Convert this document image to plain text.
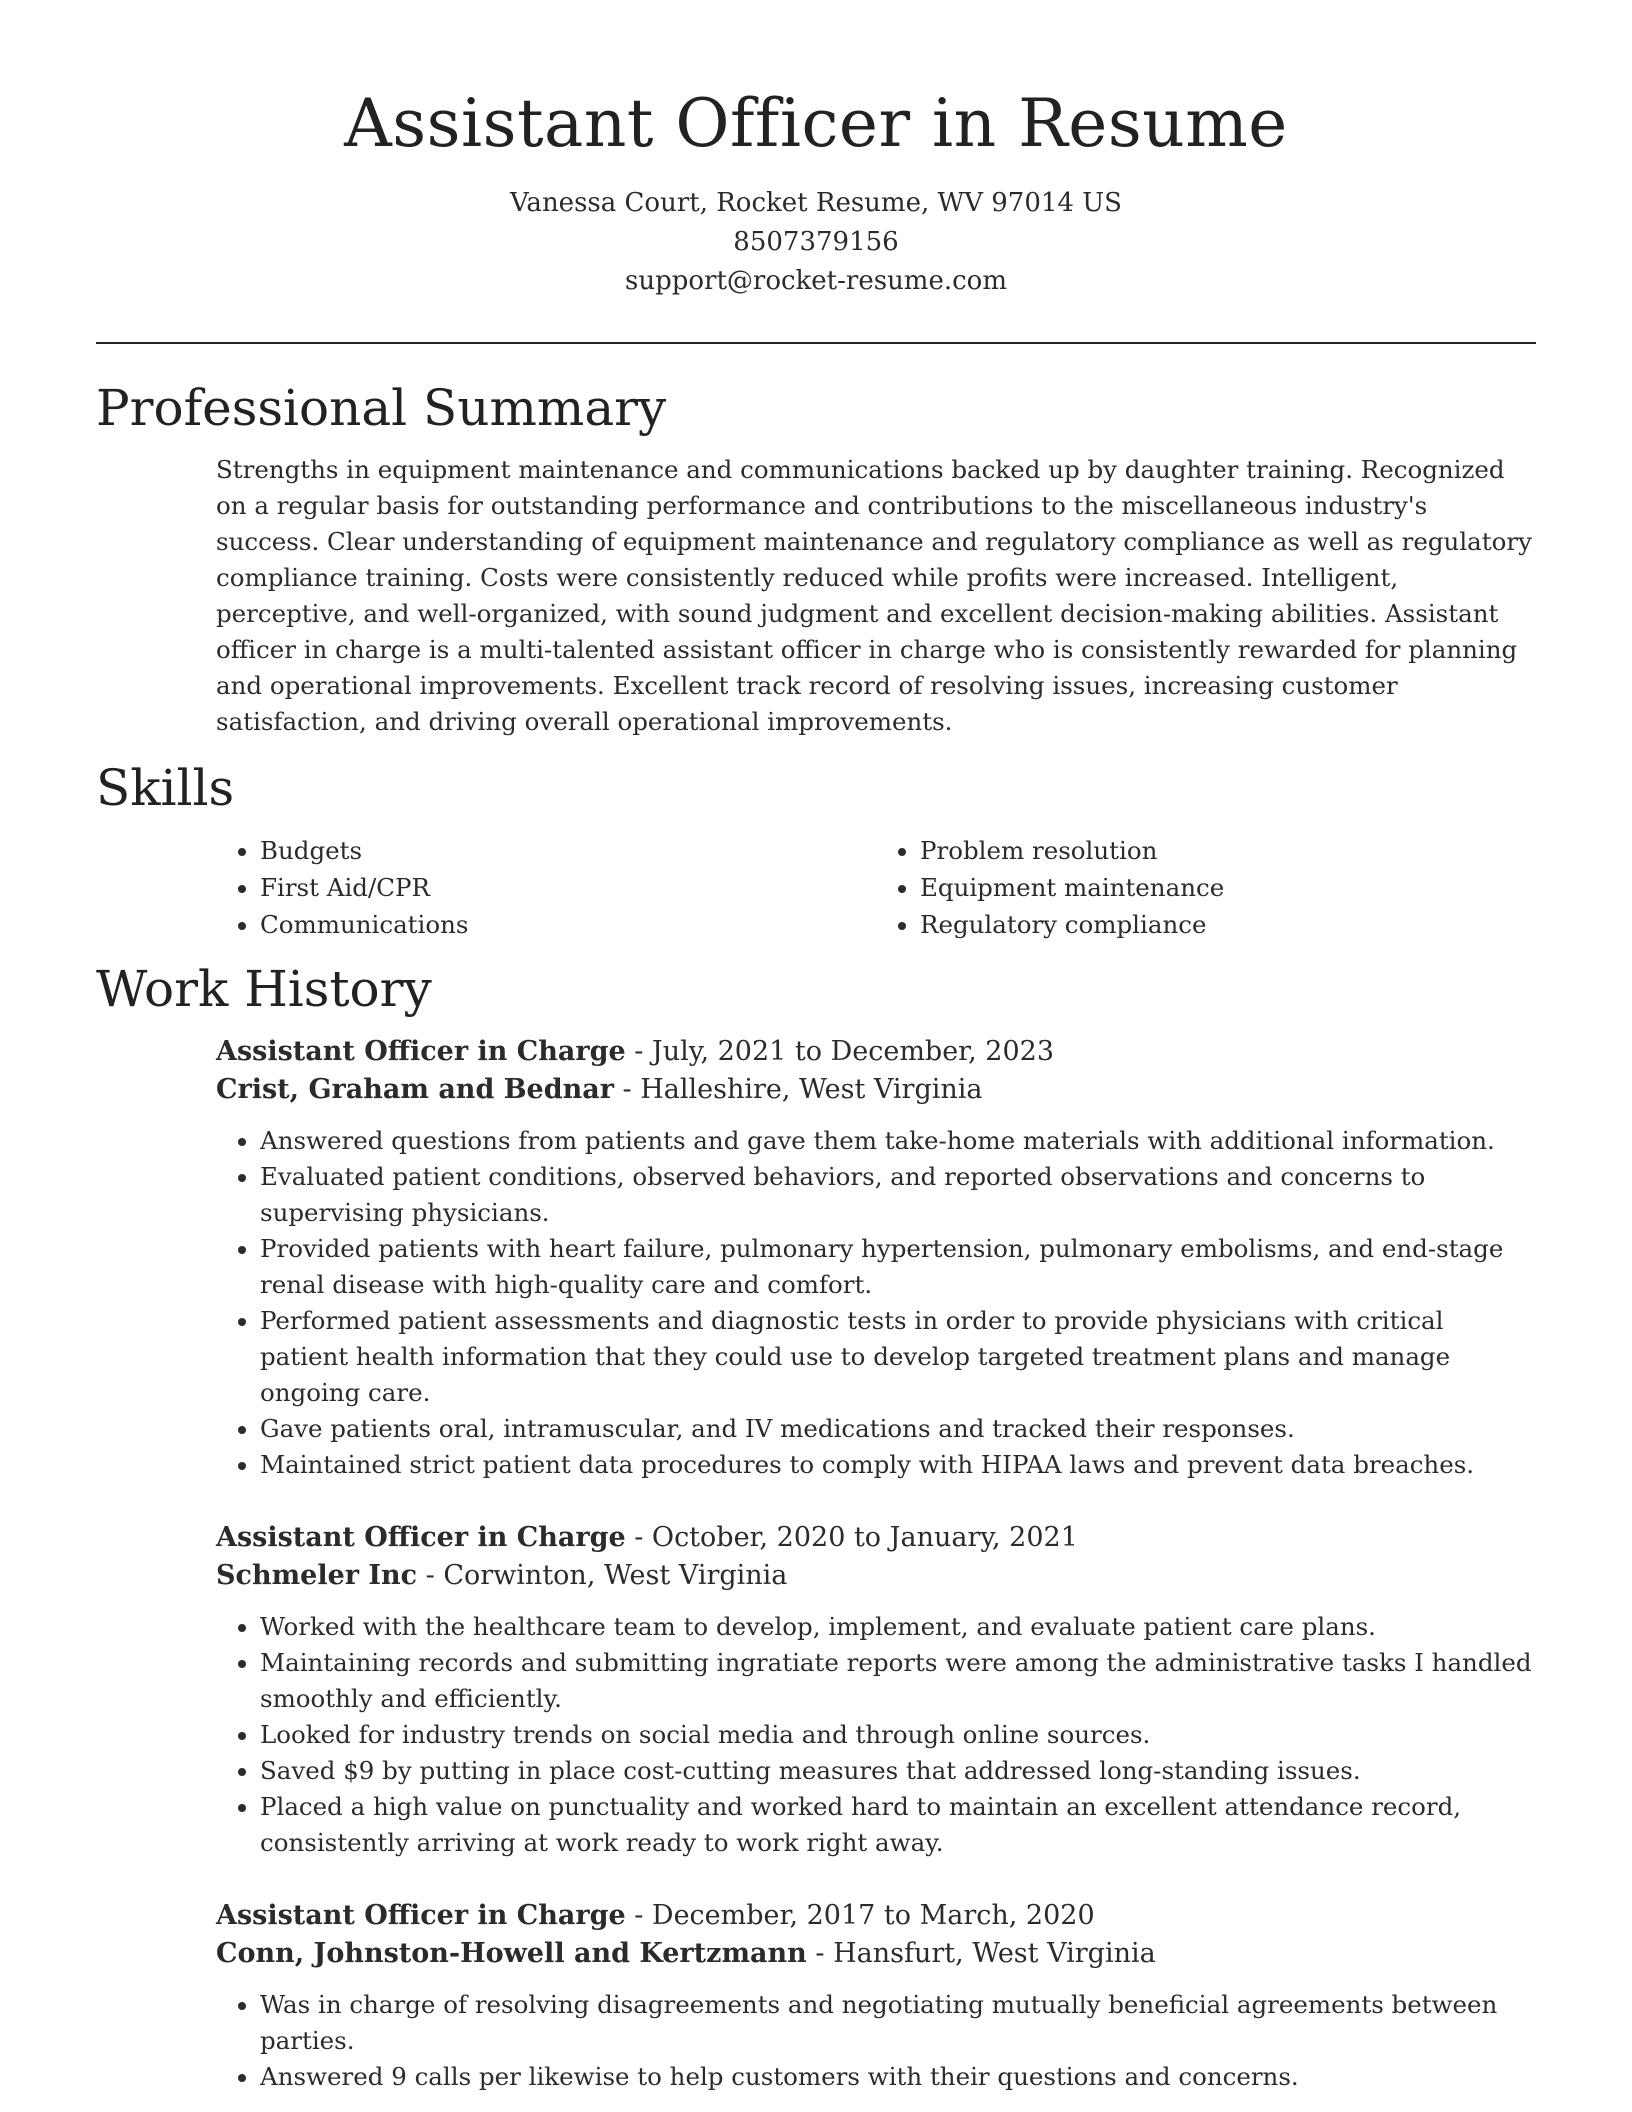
Assistant Officer in Resume
Vanessa Court, Rocket Resume, WV 97014 US
8507379156
support@rocket-resume.com
Professional Summary
Strengths in equipment maintenance and communications backed up by daughter training. Recognized on a regular basis for outstanding performance and contributions to the miscellaneous industry's success. Clear understanding of equipment maintenance and regulatory compliance as well as regulatory compliance training. Costs were consistently reduced while profits were increased. Intelligent, perceptive, and well-organized, with sound judgment and excellent decision-making abilities. Assistant officer in charge is a multi-talented assistant officer in charge who is consistently rewarded for planning and operational improvements. Excellent track record of resolving issues, increasing customer satisfaction, and driving overall operational improvements.
Skills
• Budgets
• First Aid/CPR
• Communications
• Problem resolution
• Equipment maintenance
• Regulatory compliance
Work History
Assistant Officer in Charge - July, 2021 to December, 2023
Crist, Graham and Bednar - Halleshire, West Virginia
• Answered questions from patients and gave them take-home materials with additional information.
• Evaluated patient conditions, observed behaviors, and reported observations and concerns to supervising physicians.
• Provided patients with heart failure, pulmonary hypertension, pulmonary embolisms, and end-stage renal disease with high-quality care and comfort.
• Performed patient assessments and diagnostic tests in order to provide physicians with critical patient health information that they could use to develop targeted treatment plans and manage ongoing care.
• Gave patients oral, intramuscular, and IV medications and tracked their responses.
• Maintained strict patient data procedures to comply with HIPAA laws and prevent data breaches.
Assistant Officer in Charge - October, 2020 to January, 2021
Schmeler Inc - Corwinton, West Virginia
• Worked with the healthcare team to develop, implement, and evaluate patient care plans.
• Maintaining records and submitting ingratiate reports were among the administrative tasks I handled smoothly and efficiently.
• Looked for industry trends on social media and through online sources.
• Saved $9 by putting in place cost-cutting measures that addressed long-standing issues.
• Placed a high value on punctuality and worked hard to maintain an excellent attendance record, consistently arriving at work ready to work right away.
Assistant Officer in Charge - December, 2017 to March, 2020
Conn, Johnston-Howell and Kertzmann - Hansfurt, West Virginia
• Was in charge of resolving disagreements and negotiating mutually beneficial agreements between parties.
• Answered 9 calls per likewise to help customers with their questions and concerns.
